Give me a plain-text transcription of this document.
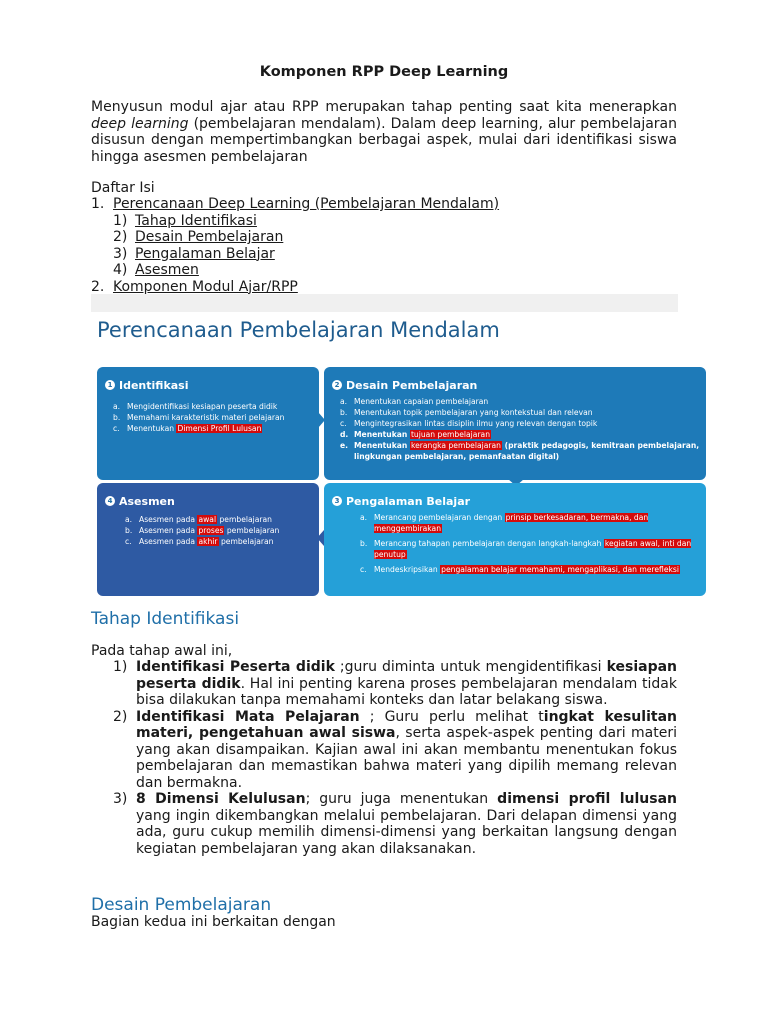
Komponen RPP Deep Learning
Menyusun modul ajar atau RPP merupakan tahap penting saat kita menerapkan deep learning (pembelajaran mendalam). Dalam deep learning, alur pembelajaran disusun dengan mempertimbangkan berbagai aspek, mulai dari identifikasi siswa hingga asesmen pembelajaran
Daftar Isi
1. Perencanaan Deep Learning (Pembelajaran Mendalam)
1) Tahap Identifikasi
2) Desain Pembelajaran
3) Pengalaman Belajar
4) Asesmen
2. Komponen Modul Ajar/RPP
Perencanaan Pembelajaran Mendalam
1 Identifikasi
a. Mengidentifikasi kesiapan peserta didik
b. Memahami karakteristik materi pelajaran
c. Menentukan Dimensi Profil Lulusan
2 Desain Pembelajaran
a. Menentukan capaian pembelajaran
b. Menentukan topik pembelajaran yang kontekstual dan relevan
c. Mengintegrasikan lintas disiplin ilmu yang relevan dengan topik
d. Menentukan tujuan pembelajaran
e. Menentukan kerangka pembelajaran (praktik pedagogis, kemitraan pembelajaran, lingkungan pembelajaran, pemanfaatan digital)
4 Asesmen
a. Asesmen pada awal pembelajaran
b. Asesmen pada proses pembelajaran
c. Asesmen pada akhir pembelajaran
3 Pengalaman Belajar
a. Merancang pembelajaran dengan prinsip berkesadaran, bermakna, dan menggembirakan
b. Merancang tahapan pembelajaran dengan langkah-langkah kegiatan awal, inti dan penutup
c. Mendeskripsikan pengalaman belajar memahami, mengaplikasi, dan merefleksi
Tahap Identifikasi
Pada tahap awal ini,
1) Identifikasi Peserta didik ;guru diminta untuk mengidentifikasi kesiapan peserta didik. Hal ini penting karena proses pembelajaran mendalam tidak bisa dilakukan tanpa memahami konteks dan latar belakang siswa.
2) Identifikasi Mata Pelajaran ; Guru perlu melihat tingkat kesulitan materi, pengetahuan awal siswa, serta aspek-aspek penting dari materi yang akan disampaikan. Kajian awal ini akan membantu menentukan fokus pembelajaran dan memastikan bahwa materi yang dipilih memang relevan dan bermakna.
3) 8 Dimensi Kelulusan; guru juga menentukan dimensi profil lulusan yang ingin dikembangkan melalui pembelajaran. Dari delapan dimensi yang ada, guru cukup memilih dimensi-dimensi yang berkaitan langsung dengan kegiatan pembelajaran yang akan dilaksanakan.
Desain Pembelajaran
Bagian kedua ini berkaitan dengan
